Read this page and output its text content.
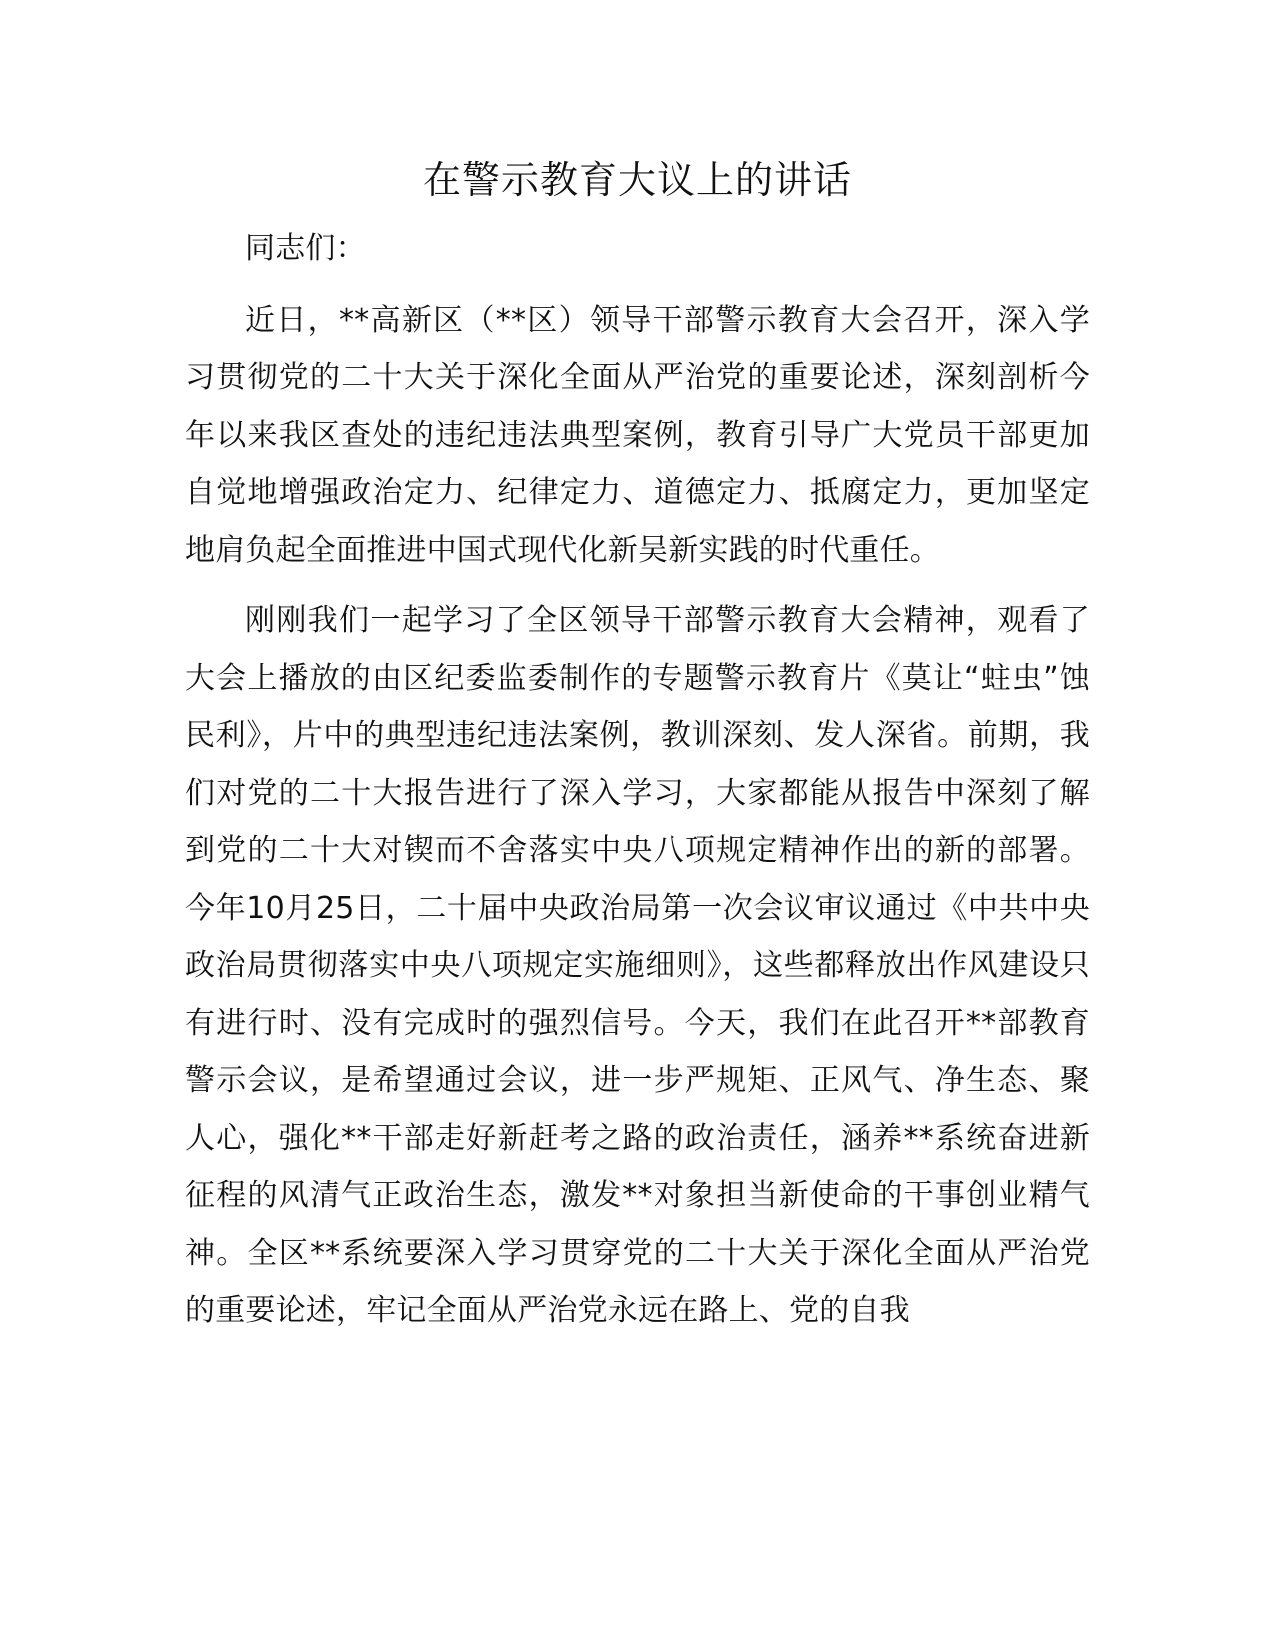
在警示教育大议上的讲话

同志们：

近日，**高新区（**区）领导干部警示教育大会召开，深入学习贯彻党的二十大关于深化全面从严治党的重要论述，深刻剖析今年以来我区查处的违纪违法典型案例，教育引导广大党员干部更加自觉地增强政治定力、纪律定力、道德定力、抵腐定力，更加坚定地肩负起全面推进中国式现代化新吴新实践的时代重任。

刚刚我们一起学习了全区领导干部警示教育大会精神，观看了大会上播放的由区纪委监委制作的专题警示教育片《莫让“蛀虫”蚀民利》，片中的典型违纪违法案例，教训深刻、发人深省。前期，我们对党的二十大报告进行了深入学习，大家都能从报告中深刻了解到党的二十大对锲而不舍落实中央八项规定精神作出的新的部署。今年10月25日，二十届中央政治局第一次会议审议通过《中共中央政治局贯彻落实中央八项规定实施细则》，这些都释放出作风建设只有进行时、没有完成时的强烈信号。今天，我们在此召开**部教育警示会议，是希望通过会议，进一步严规矩、正风气、净生态、聚人心，强化**干部走好新赶考之路的政治责任，涵养**系统奋进新征程的风清气正政治生态，激发**对象担当新使命的干事创业精气神。全区**系统要深入学习贯穿党的二十大关于深化全面从严治党的重要论述，牢记全面从严治党永远在路上、党的自我
